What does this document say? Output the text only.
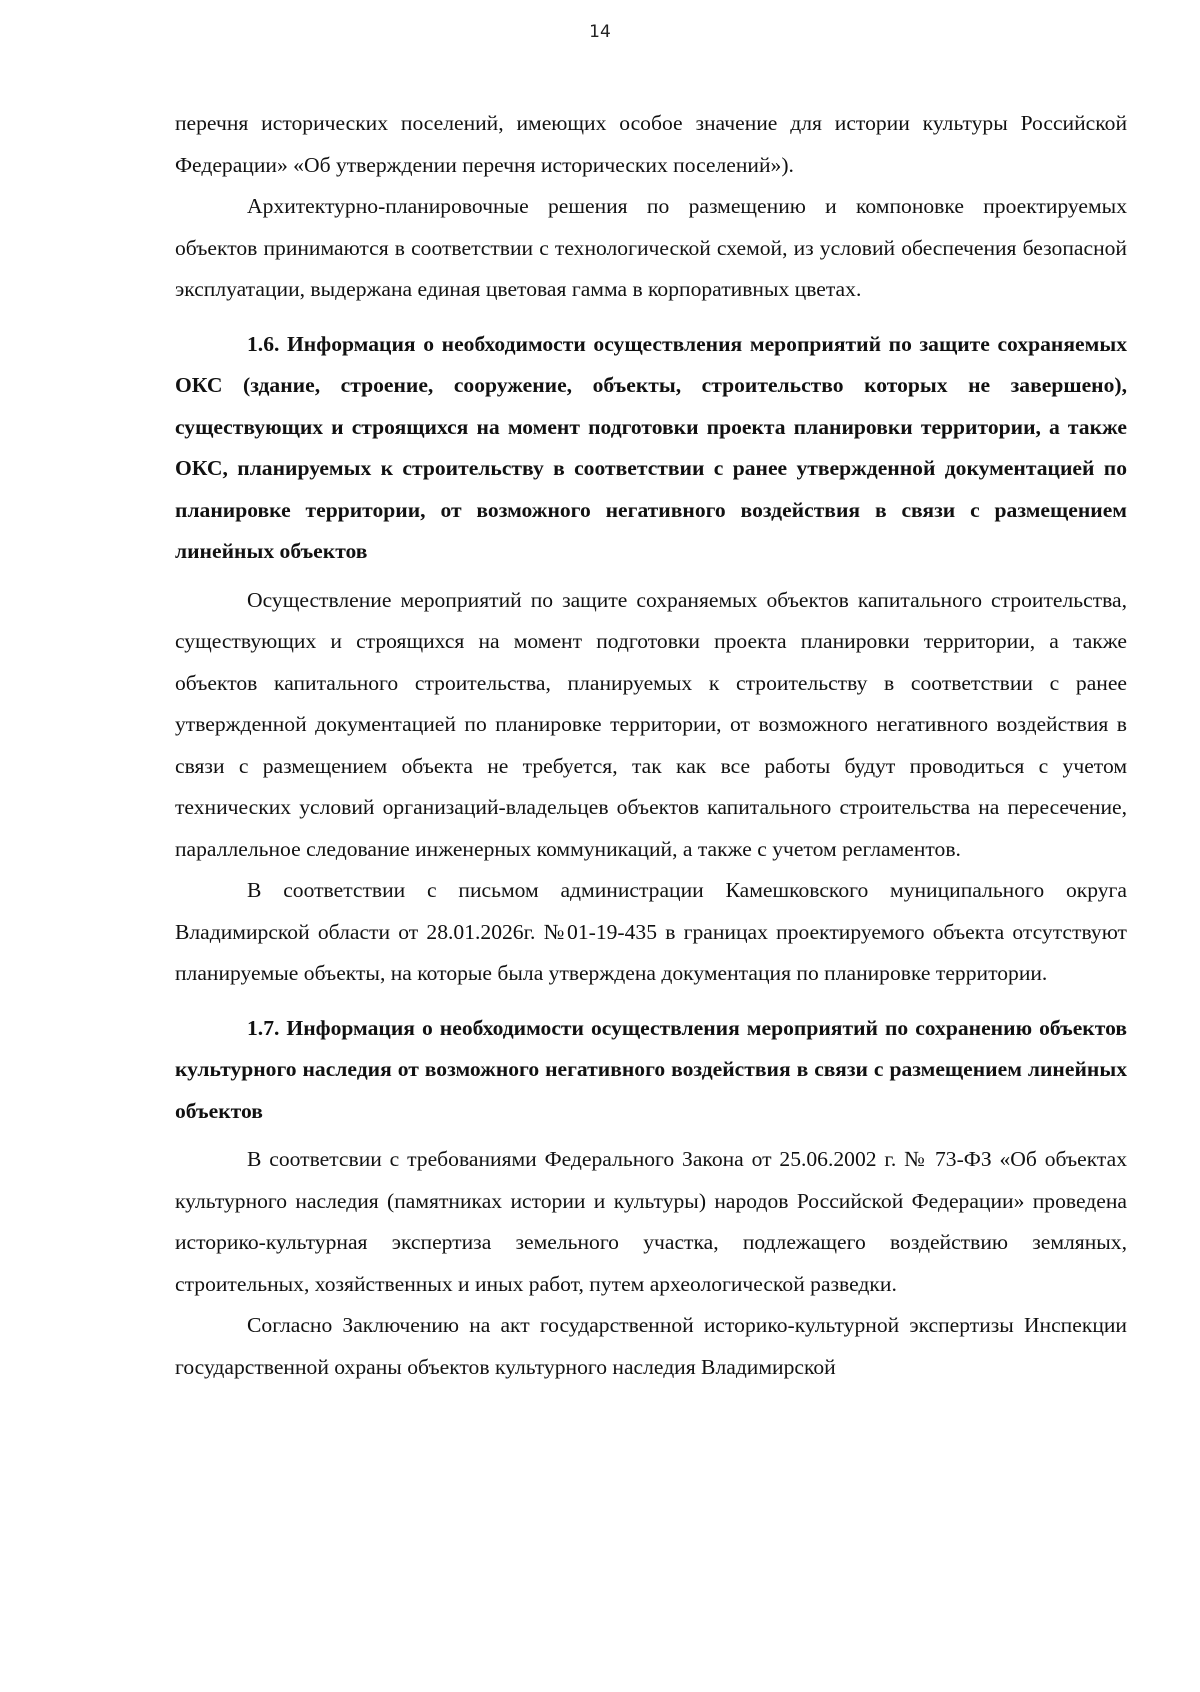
14

перечня исторических поселений, имеющих особое значение для истории культуры Российской Федерации» «Об утверждении перечня исторических поселений»).

Архитектурно-планировочные решения по размещению и компоновке проектируемых объектов принимаются в соответствии с технологической схемой, из условий обеспечения безопасной эксплуатации, выдержана единая цветовая гамма в корпоративных цветах.

1.6. Информация о необходимости осуществления мероприятий по защите сохраняемых ОКС (здание, строение, сооружение, объекты, строительство которых не завершено), существующих и строящихся на момент подготовки проекта планировки территории, а также ОКС, планируемых к строительству в соответствии с ранее утвержденной документацией по планировке территории, от возможного негативного воздействия в связи с размещением линейных объектов

Осуществление мероприятий по защите сохраняемых объектов капитального строительства, существующих и строящихся на момент подготовки проекта планировки территории, а также объектов капитального строительства, планируемых к строительству в соответствии с ранее утвержденной документацией по планировке территории, от возможного негативного воздействия в связи с размещением объекта не требуется, так как все работы будут проводиться с учетом технических условий организаций-владельцев объектов капитального строительства на пересечение, параллельное следование инженерных коммуникаций, а также с учетом регламентов.

В соответствии с письмом администрации Камешковского муниципального округа Владимирской области от 28.01.2026г. №01-19-435 в границах проектируемого объекта отсутствуют планируемые объекты, на которые была утверждена документация по планировке территории.

1.7. Информация о необходимости осуществления мероприятий по сохранению объектов культурного наследия от возможного негативного воздействия в связи с размещением линейных объектов

В соответсвии с требованиями Федерального Закона от 25.06.2002 г. № 73-ФЗ «Об объектах культурного наследия (памятниках истории и культуры) народов Российской Федерации» проведена историко-культурная экспертиза земельного участка, подлежащего воздействию земляных, строительных, хозяйственных и иных работ, путем археологической разведки.

Согласно Заключению на акт государственной историко-культурной экспертизы Инспекции государственной охраны объектов культурного наследия Владимирской
